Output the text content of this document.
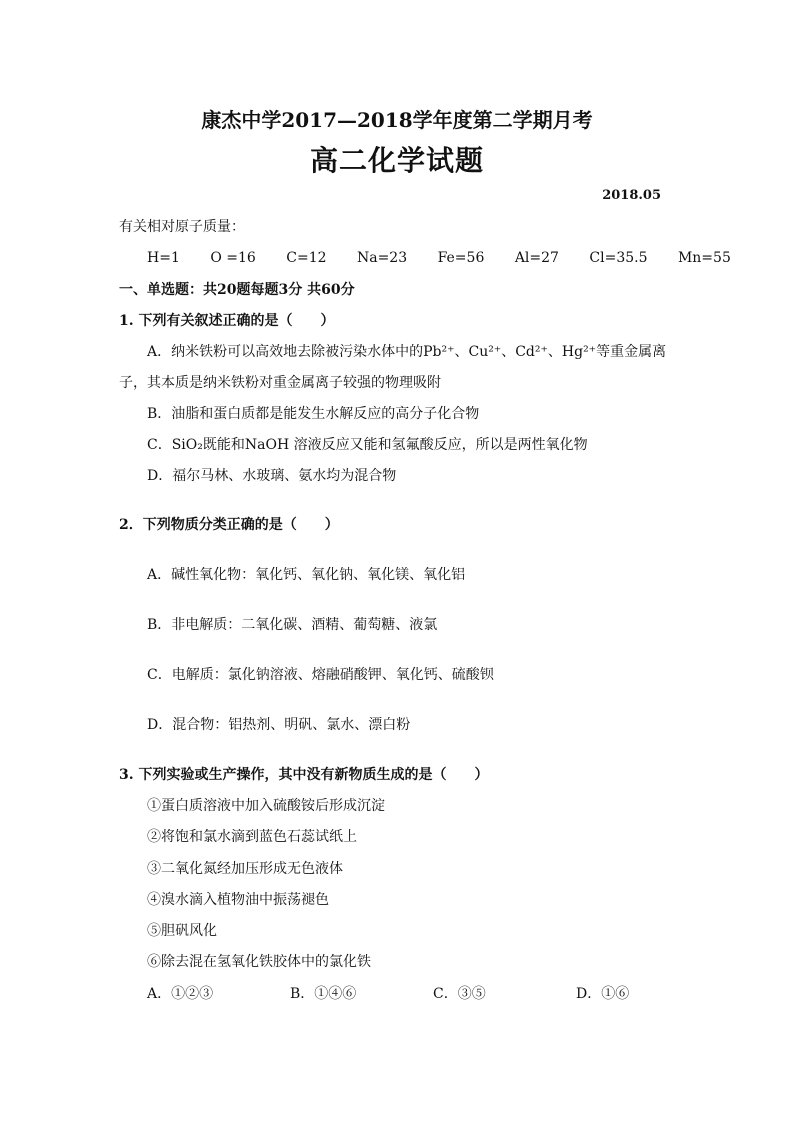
康杰中学2017—2018学年度第二学期月考
高二化学试题
2018.05
有关相对原子质量：
H=1 O =16 C=12 Na=23 Fe=56 Al=27 Cl=35.5 Mn=55
一、单选题：共20题每题3分 共60分
1. 下列有关叙述正确的是（　　）
A．纳米铁粉可以高效地去除被污染水体中的Pb²⁺、Cu²⁺、Cd²⁺、Hg²⁺等重金属离
子，其本质是纳米铁粉对重金属离子较强的物理吸附
B．油脂和蛋白质都是能发生水解反应的高分子化合物
C．SiO₂既能和NaOH 溶液反应又能和氢氟酸反应，所以是两性氧化物
D．福尔马林、水玻璃、氨水均为混合物
2．下列物质分类正确的是（　　）
A．碱性氧化物：氧化钙、氧化钠、氧化镁、氧化铝
B．非电解质：二氧化碳、酒精、葡萄糖、液氯
C．电解质：氯化钠溶液、熔融硝酸钾、氧化钙、硫酸钡
D．混合物：铝热剂、明矾、氯水、漂白粉
3. 下列实验或生产操作，其中没有新物质生成的是（　　）
①蛋白质溶液中加入硫酸铵后形成沉淀
②将饱和氯水滴到蓝色石蕊试纸上
③二氧化氮经加压形成无色液体
④溴水滴入植物油中振荡褪色
⑤胆矾风化
⑥除去混在氢氧化铁胶体中的氯化铁
A．①②③	B．①④⑥	C．③⑤	D．①⑥
